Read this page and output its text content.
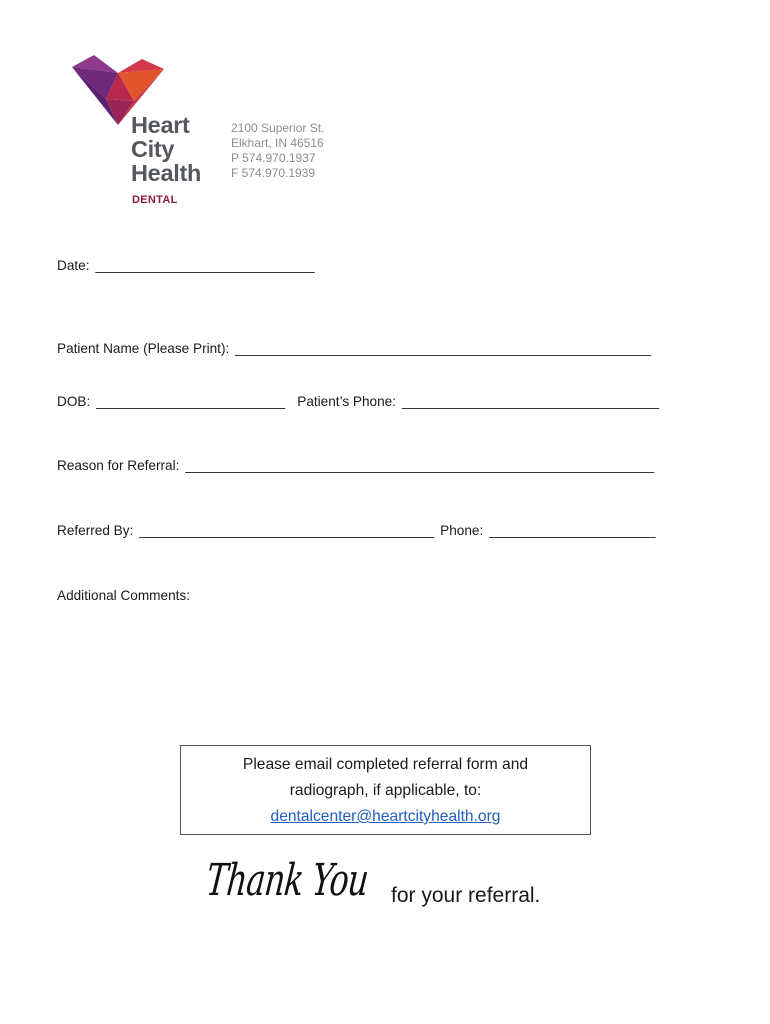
Heart
City
Health
DENTAL
2100 Superior St.
Elkhart, IN 46516
P 574.970.1937
F 574.970.1939
Date: _____________________________
Patient Name (Please Print): _______________________________________________________
DOB: _________________________ Patient’s Phone: __________________________________
Reason for Referral: ______________________________________________________________
Referred By: _______________________________________ Phone: ______________________
Additional Comments:
Please email completed referral form and
radiograph, if applicable, to:
dentalcenter@heartcityhealth.org
Thank You for your referral.
